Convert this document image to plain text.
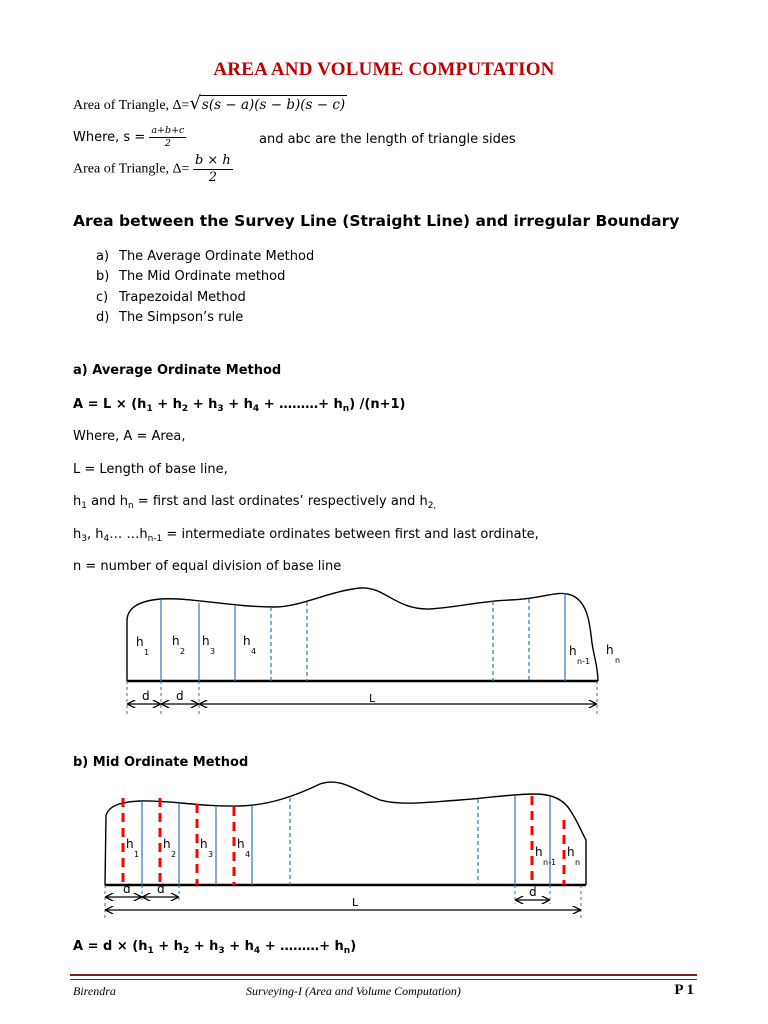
AREA AND VOLUME COMPUTATION
Area of Triangle, Δ= √ s(s − a)(s − b)(s − c)
Where, $s = \frac{a+b+c}{2}$	and abc are the length of triangle sides
Area of Triangle, $\Delta= \frac{b \times h}{2}$
Area between the Survey Line (Straight Line) and irregular Boundary
a) The Average Ordinate Method
b) The Mid Ordinate method
c) Trapezoidal Method
d) The Simpson’s rule
a) Average Ordinate Method
$A = L \times (h_1 + h_2 + h_3 + h_4$ + ………+ $h_n$) /(n+1)
Where, A = Area,
L = Length of base line,
$h_1$ and $h_n$ = first and last ordinates’ respectively and $h_{2,}$
$h_3$, $h_4\dots$ $\dots h_{n-1}$ = intermediate ordinates between first and last ordinate,
n = number of equal division of base line
d d	L
h
1
h
2
h
3
h
4	h
n-1
h
n
b) Mid Ordinate Method
d d	d
L
h
1
h
2
h
3
h
4	h
n-1
h
n
$A = d \times (h_1 + h_2 + h_3 + h_4$ + ………+ $h_n$)
Birendra	Surveying-I (Area and Volume Computation)	P 1
